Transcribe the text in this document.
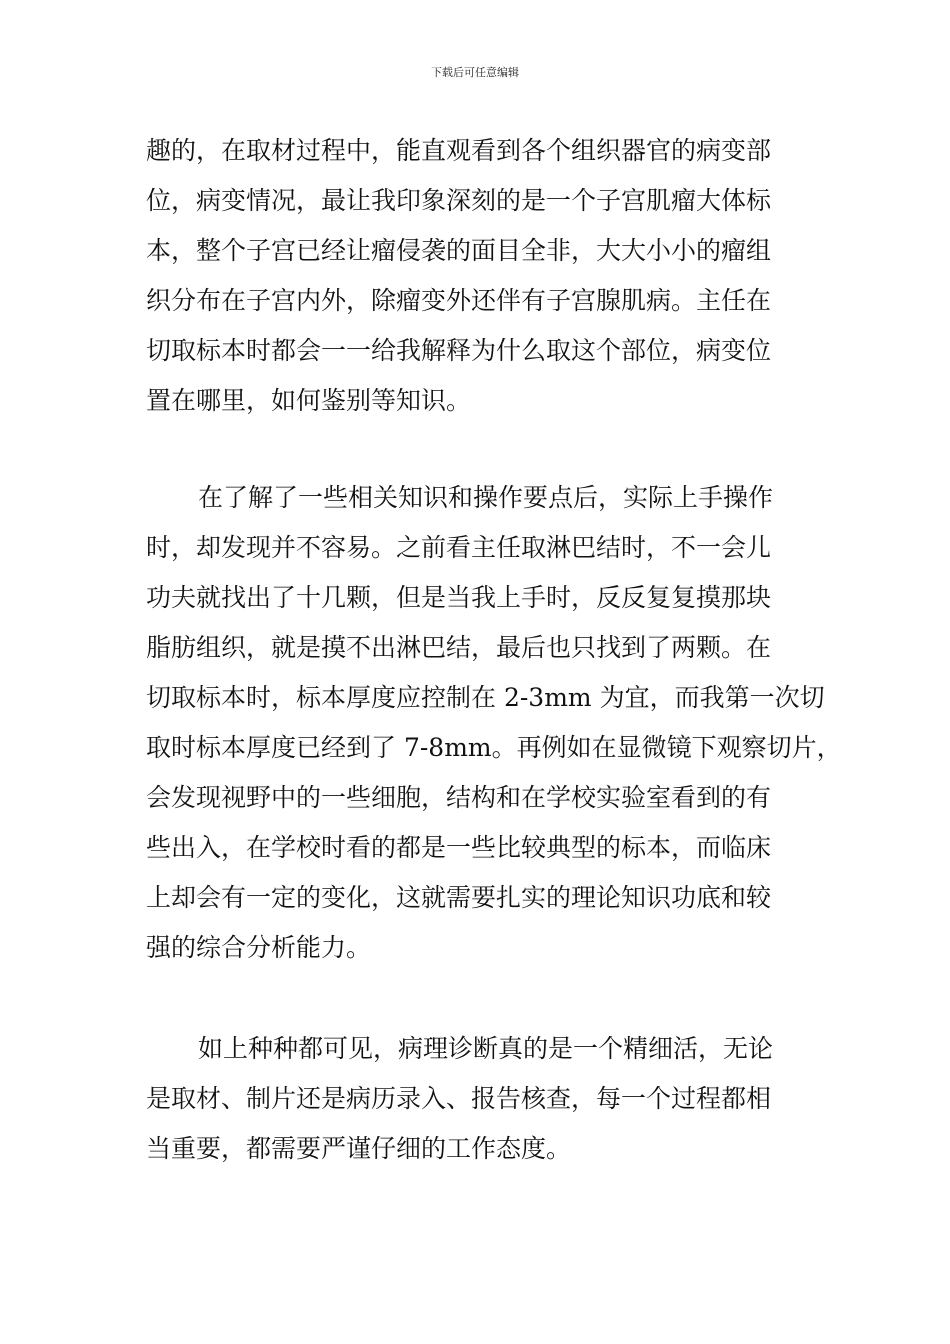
下载后可任意编辑
趣的，在取材过程中，能直观看到各个组织器官的病变部
位，病变情况，最让我印象深刻的是一个子宫肌瘤大体标
本，整个子宫已经让瘤侵袭的面目全非，大大小小的瘤组
织分布在子宫内外，除瘤变外还伴有子宫腺肌病。主任在
切取标本时都会一一给我解释为什么取这个部位，病变位
置在哪里，如何鉴别等知识。
在了解了一些相关知识和操作要点后，实际上手操作
时，却发现并不容易。之前看主任取淋巴结时，不一会儿
功夫就找出了十几颗，但是当我上手时，反反复复摸那块
脂肪组织，就是摸不出淋巴结，最后也只找到了两颗。在
切取标本时，标本厚度应控制在 2-3mm 为宜，而我第一次切
取时标本厚度已经到了 7-8mm。再例如在显微镜下观察切片，
会发现视野中的一些细胞，结构和在学校实验室看到的有
些出入，在学校时看的都是一些比较典型的标本，而临床
上却会有一定的变化，这就需要扎实的理论知识功底和较
强的综合分析能力。
如上种种都可见，病理诊断真的是一个精细活，无论
是取材、制片还是病历录入、报告核查，每一个过程都相
当重要，都需要严谨仔细的工作态度。
